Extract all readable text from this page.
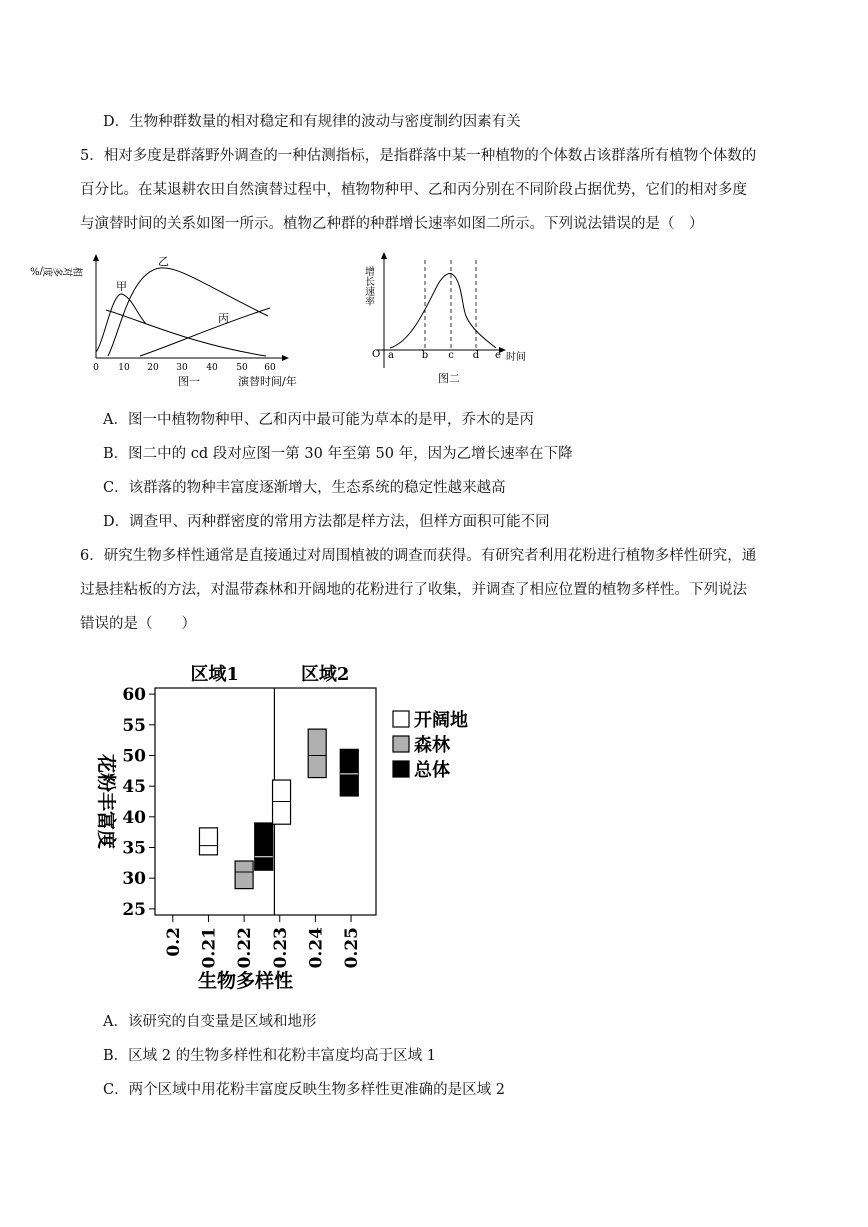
D．生物种群数量的相对稳定和有规律的波动与密度制约因素有关
5．相对多度是群落野外调查的一种估测指标，是指群落中某一种植物的个体数占该群落所有植物个体数的
百分比。在某退耕农田自然演替过程中，植物物种甲、乙和丙分别在不同阶段占据优势，它们的相对多度
与演替时间的关系如图一所示。植物乙种群的种群增长速率如图二所示。下列说法错误的是（　）
甲
乙
丙
相对多度/%
0 10 20 30 40 50 60
图一	演替时间/年
增长速率
O a	b c d e 时间
图二
A．图一中植物物种甲、乙和丙中最可能为草本的是甲，乔木的是丙
B．图二中的 cd 段对应图一第 30 年至第 50 年，因为乙增长速率在下降
C．该群落的物种丰富度逐渐增大，生态系统的稳定性越来越高
D．调查甲、丙种群密度的常用方法都是样方法，但样方面积可能不同
6．研究生物多样性通常是直接通过对周围植被的调查而获得。有研究者利用花粉进行植物多样性研究，通
过悬挂粘板的方法，对温带森林和开阔地的花粉进行了收集，并调查了相应位置的植物多样性。下列说法
错误的是（　　）
区域1	区域2
25
30
35
40
45
50
55
60
0.2 0.21 0.22 0.23 0.24 0.25
生物多样性
花粉丰富度
开阔地
森林
总体
A．该研究的自变量是区域和地形
B．区域 2 的生物多样性和花粉丰富度均高于区域 1
C．两个区域中用花粉丰富度反映生物多样性更准确的是区域 2
